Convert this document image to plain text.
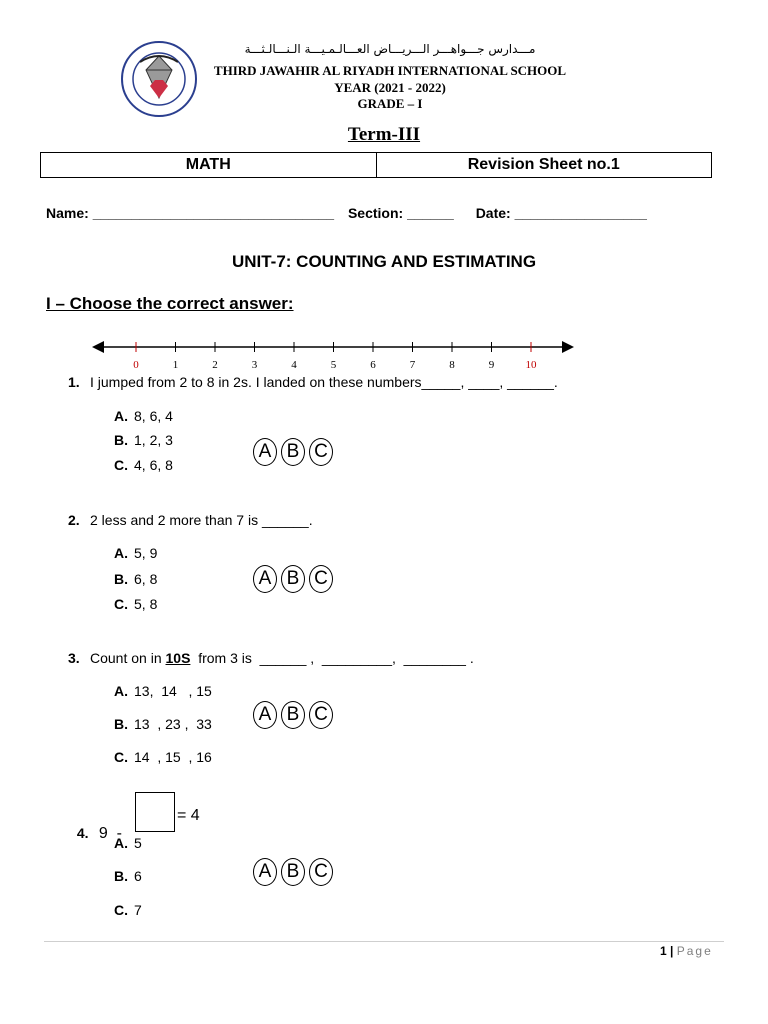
مـــدارس جـــواهـــر الـــريـــاض العـــالـمـيـــة الـنـــالـثـــة
THIRD JAWAHIR AL RIYADH INTERNATIONAL SCHOOL
YEAR (2021 - 2022)
GRADE – I
Term-III
MATH	Revision Sheet no.1
Name: _______________________________ Section: ______ Date: _________________
UNIT-7: COUNTING AND ESTIMATING
I – Choose the correct answer:
0	1	2	3	4	5	6	7	8	9	10
1. I jumped from 2 to 8 in 2s. I landed on these numbers_____, ____, ______.
A. 8, 6, 4
B. 1, 2, 3
C. 4, 6, 8
A B C
2. 2 less and 2 more than 7 is ______.
A. 5, 9
B. 6, 8
C. 5, 8
A B C
3. Count on in 10S  from 3 is  ______ ,  _________,  ________ .
A. 13,  14   , 15
B. 13  , 23 ,  33
C. 14  , 15  , 16
A B C

4. 9  -

= 4
A. 5
B. 6
C. 7
A B C
1 | Page
